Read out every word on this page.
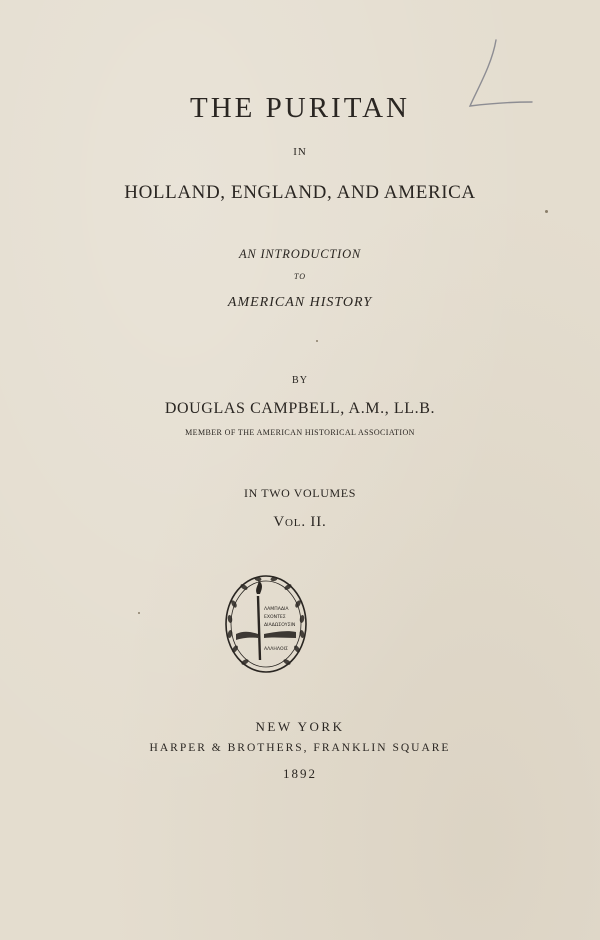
THE PURITAN
IN
HOLLAND, ENGLAND, AND AMERICA
AN INTRODUCTION
TO
AMERICAN HISTORY
BY
DOUGLAS CAMPBELL, A.M., LL.B.
MEMBER OF THE AMERICAN HISTORICAL ASSOCIATION
IN TWO VOLUMES
Vol. II.
ΛΑΜΠΑΔΙΑ
ΕΧΟΝΤΕΣ
ΔΙΑΔΩΣΟΥΣΙΝ
ΑΛΛΗΛΟΙΣ
NEW YORK
HARPER & BROTHERS, FRANKLIN SQUARE
1892
